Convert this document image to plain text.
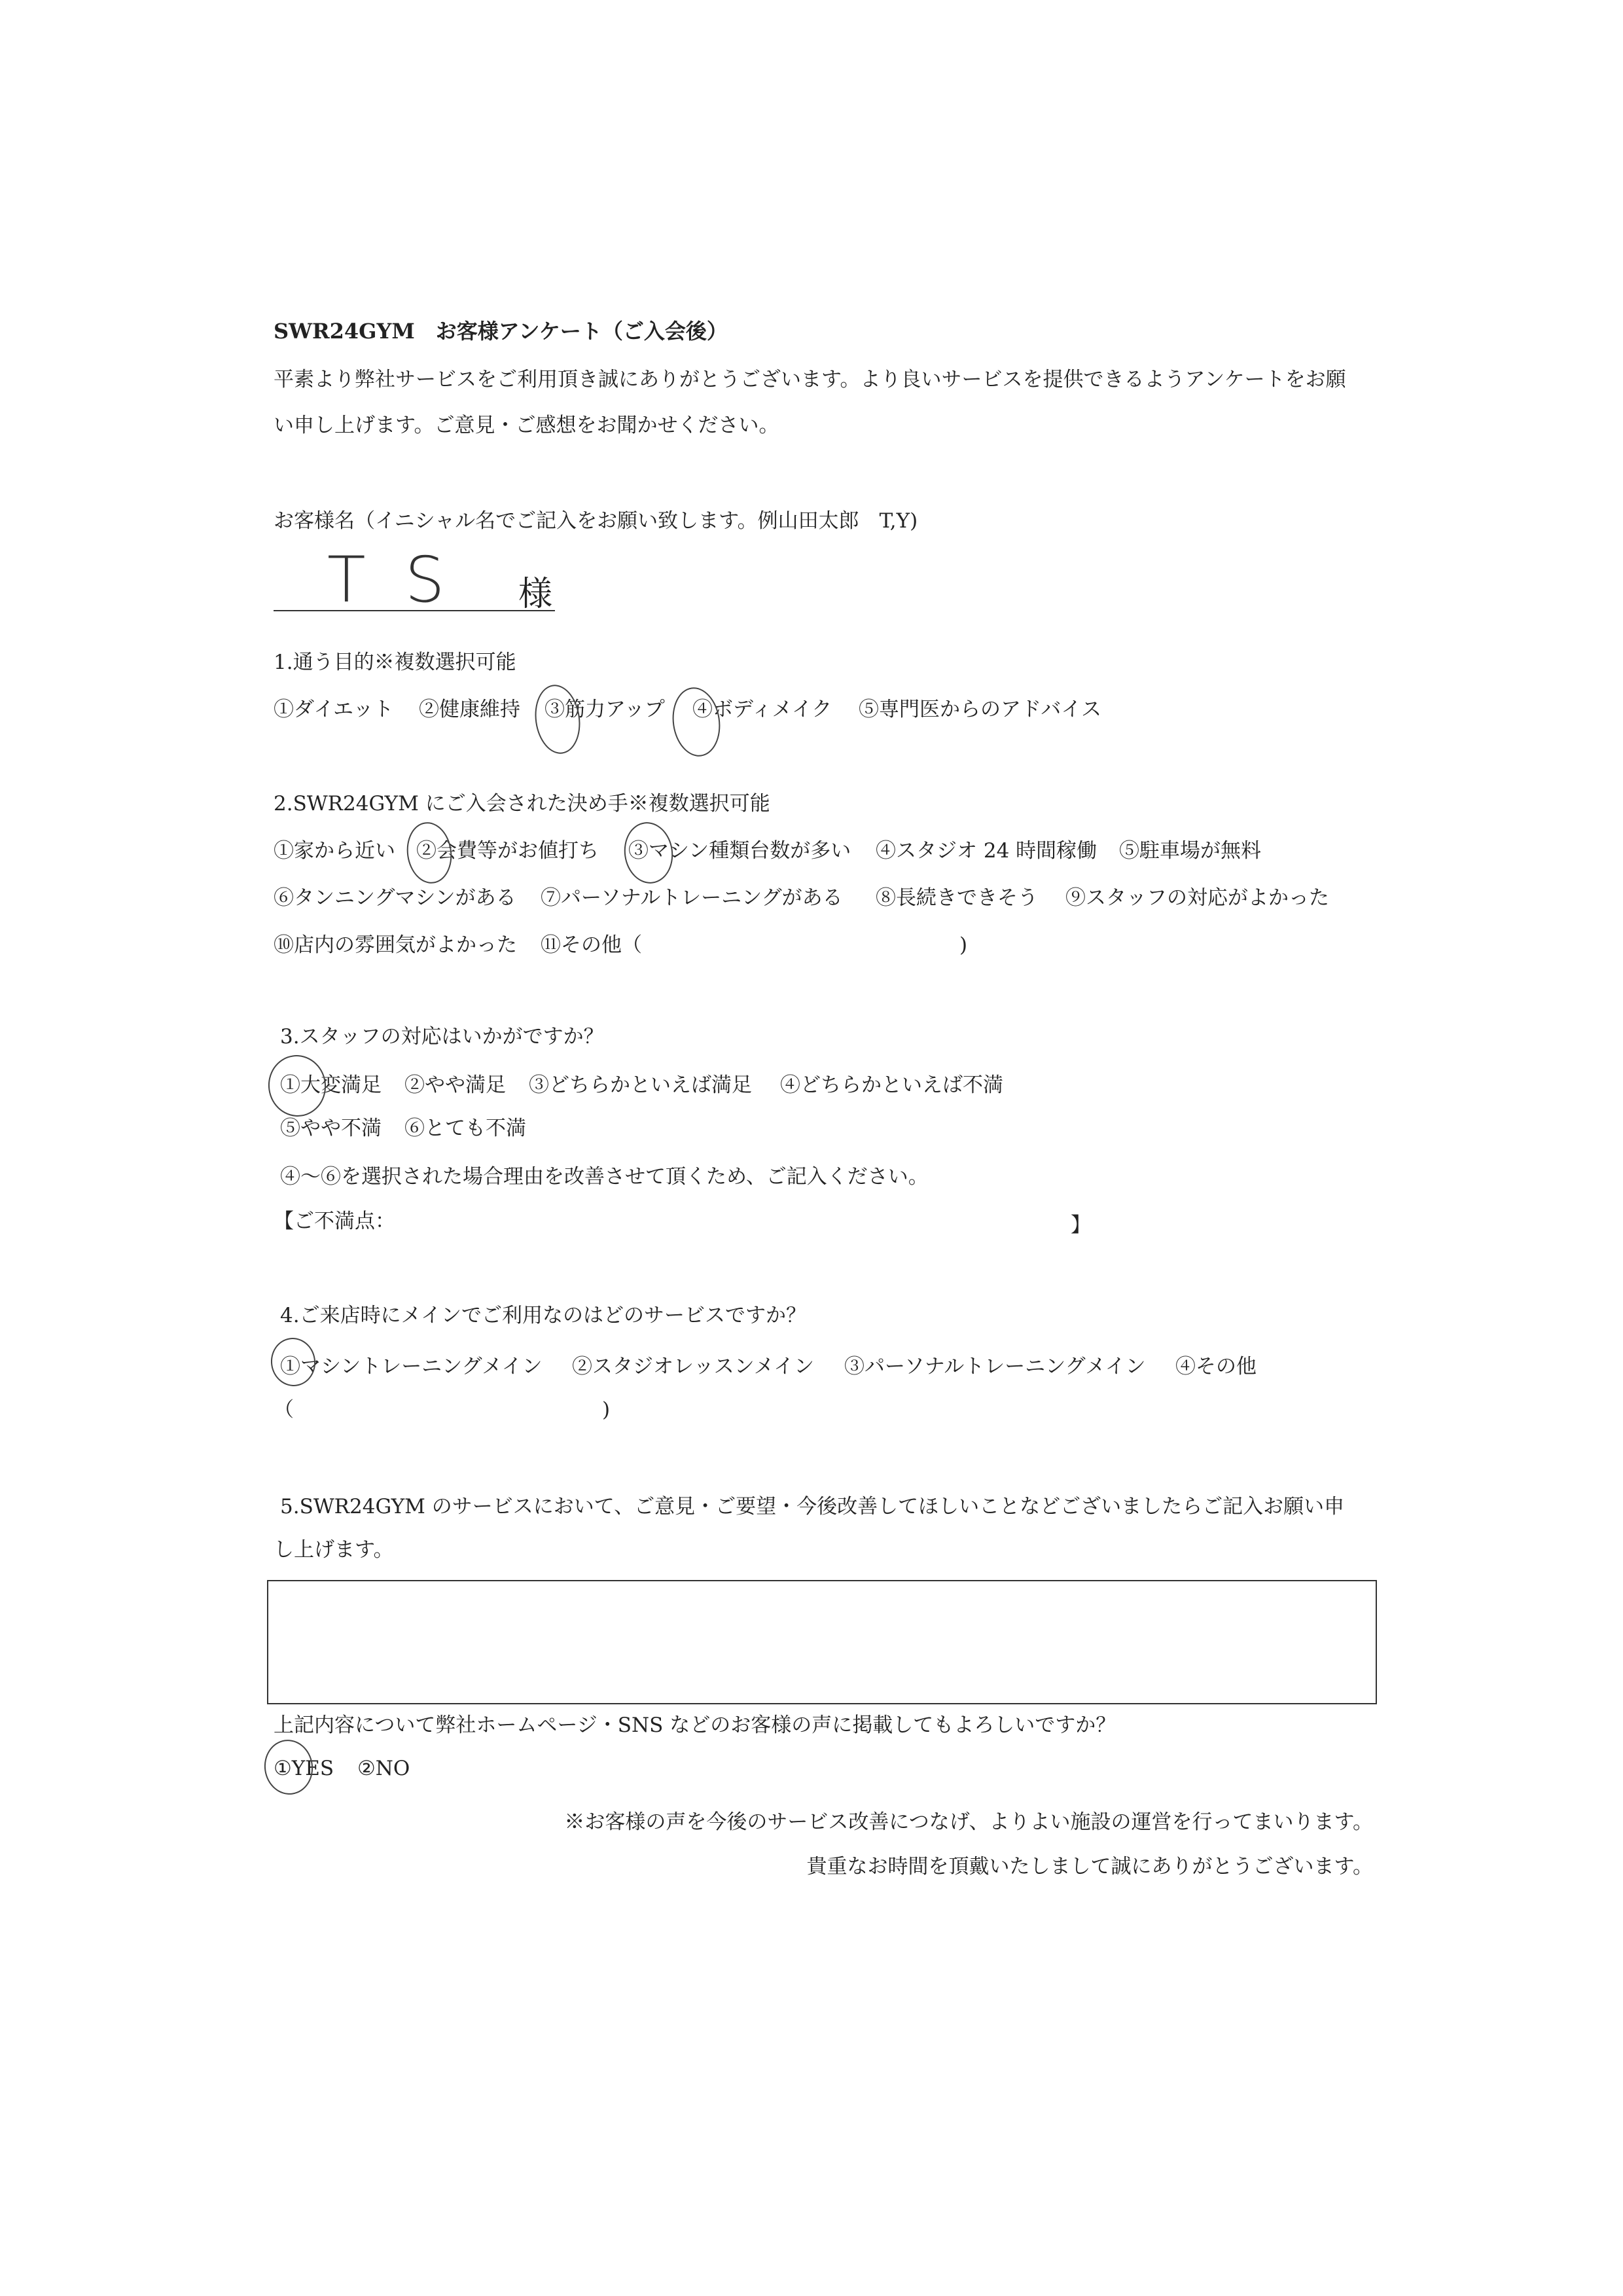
SWR24GYM　お客様アンケート（ご入会後）
平素より弊社サービスをご利用頂き誠にありがとうございます。より良いサービスを提供できるようアンケートをお願
い申し上げます。ご意見・ご感想をお聞かせください。
お客様名（イニシャル名でご記入をお願い致します。例山田太郎　T,Y)
TS 様
1.通う目的※複数選択可能
①ダイエット ②健康維持 ③筋力アップ ④ボディメイク ⑤専門医からのアドバイス
2.SWR24GYM にご入会された決め手※複数選択可能
①家から近い ②会費等がお値打ち ③マシン種類台数が多い ④スタジオ 24 時間稼働 ⑤駐車場が無料
⑥タンニングマシンがある ⑦パーソナルトレーニングがある ⑧長続きできそう ⑨スタッフの対応がよかった
⑩店内の雰囲気がよかった ⑪その他（	)
3.スタッフの対応はいかがですか？
①大変満足 ②やや満足 ③どちらかといえば満足 ④どちらかといえば不満
⑤やや不満 ⑥とても不満
④～⑥を選択された場合理由を改善させて頂くため、ご記入ください。
【ご不満点：	】
4.ご来店時にメインでご利用なのはどのサービスですか？
①マシントレーニングメイン ②スタジオレッスンメイン ③パーソナルトレーニングメイン ④その他
（	)
5.SWR24GYM のサービスにおいて、ご意見・ご要望・今後改善してほしいことなどございましたらご記入お願い申
し上げます。
上記内容について弊社ホームページ・SNS などのお客様の声に掲載してもよろしいですか？
①YES ②NO
※お客様の声を今後のサービス改善につなげ、よりよい施設の運営を行ってまいります。
貴重なお時間を頂戴いたしまして誠にありがとうございます。
